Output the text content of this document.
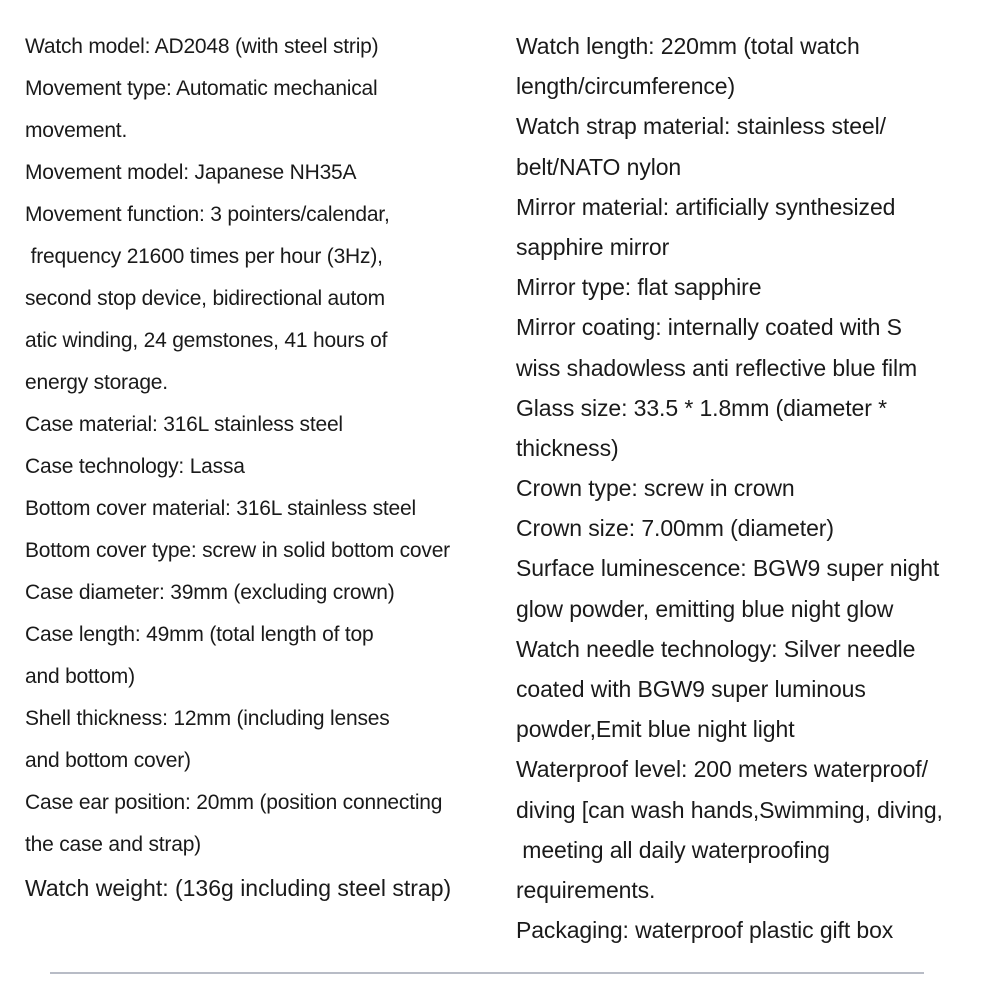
Watch model: AD2048 (with steel strip)
Movement type: Automatic mechanical
movement.
Movement model: Japanese NH35A
Movement function: 3 pointers/calendar,
frequency 21600 times per hour (3Hz),
second stop device, bidirectional autom
atic winding, 24 gemstones, 41 hours of
energy storage.
Case material: 316L stainless steel
Case technology: Lassa
Bottom cover material: 316L stainless steel
Bottom cover type: screw in solid bottom cover
Case diameter: 39mm (excluding crown)
Case length: 49mm (total length of top
and bottom)
Shell thickness: 12mm (including lenses
and bottom cover)
Case ear position: 20mm (position connecting
the case and strap)
Watch weight: (136g including steel strap)
Watch length: 220mm (total watch
length/circumference)
Watch strap material: stainless steel/
belt/NATO nylon
Mirror material: artificially synthesized
sapphire mirror
Mirror type: flat sapphire
Mirror coating: internally coated with S
wiss shadowless anti reflective blue film
Glass size: 33.5 * 1.8mm (diameter *
thickness)
Crown type: screw in crown
Crown size: 7.00mm (diameter)
Surface luminescence: BGW9 super night
glow powder, emitting blue night glow
Watch needle technology: Silver needle
coated with BGW9 super luminous
powder,Emit blue night light
Waterproof level: 200 meters waterproof/
diving [can wash hands,Swimming, diving,
meeting all daily waterproofing
requirements.
Packaging: waterproof plastic gift box
